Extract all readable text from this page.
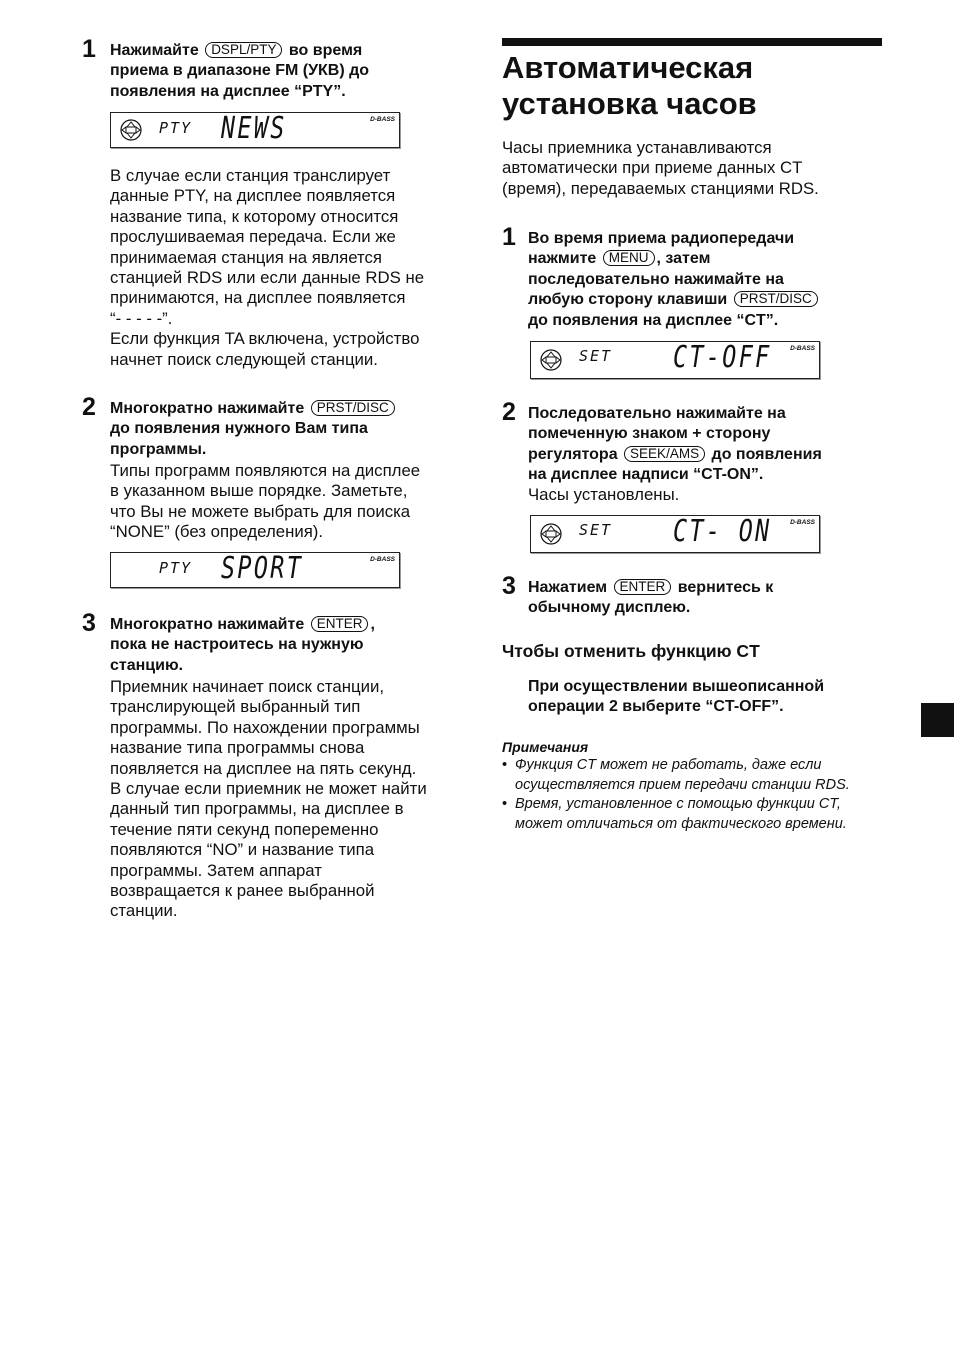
1 Нажимайте DSPL/PTY во время
приема в диапазоне FM (УКВ) до
появления на дисплее “PTY”.
PTY NEWS	D-BASS
В случае если станция транслирует
данные PTY, на дисплее появляется
название типа, к которому относится
прослушиваемая передача. Если же
принимаемая станция на является
станцией RDS или если данные RDS не
принимаются, на дисплее появляется
“- - - - -”.
Если функция TA включена, устройство
начнет поиск следующей станции.
2 Многократно нажимайте PRST/DISC
до появления нужного Вам типа
программы.
Типы программ появляются на дисплее
в указанном выше порядке. Заметьте,
что Вы не можете выбрать для поиска
“NONE” (без определения).
PTY SPORT	D-BASS
3 Многократно нажимайте ENTER ,
пока не настроитесь на нужную
станцию.
Приемник начинает поиск станции,
транслирующей выбранный тип
программы. По нахождении программы
название типа программы снова
появляется на дисплее на пять секунд.
В случае если приемник не может найти
данный тип программы, на дисплее в
течение пяти секунд попеременно
появляются “NO” и название типа
программы. Затем аппарат
возвращается к ранее выбранной
станции.
Автоматическая
установка часов
Часы приемника устанавливаются
автоматически при приеме данных CT
(время), передаваемых станциями RDS.
1 Во время приема радиопередачи
нажмите MENU , затем
последовательно нажимайте на
любую сторону клавиши PRST/DISC
до появления на дисплее “CT”.
SET CT-OFF	D-BASS
2 Последовательно нажимайте на
помеченную знаком + сторону
регулятора SEEK/AMS до появления
на дисплее надписи “CT-ON”.
Часы установлены.
SET CT- ON	D-BASS
3 Нажатием ENTER вернитесь к
обычному дисплею.
Чтобы отменить функцию CT
При осуществлении вышеописанной
операции 2 выберите “CT-OFF”.
Примечания
• Функция CT может не работать, даже если осуществляется прием передачи станции RDS.
• Время, установленное с помощью функции CT, может отличаться от фактического времени.
